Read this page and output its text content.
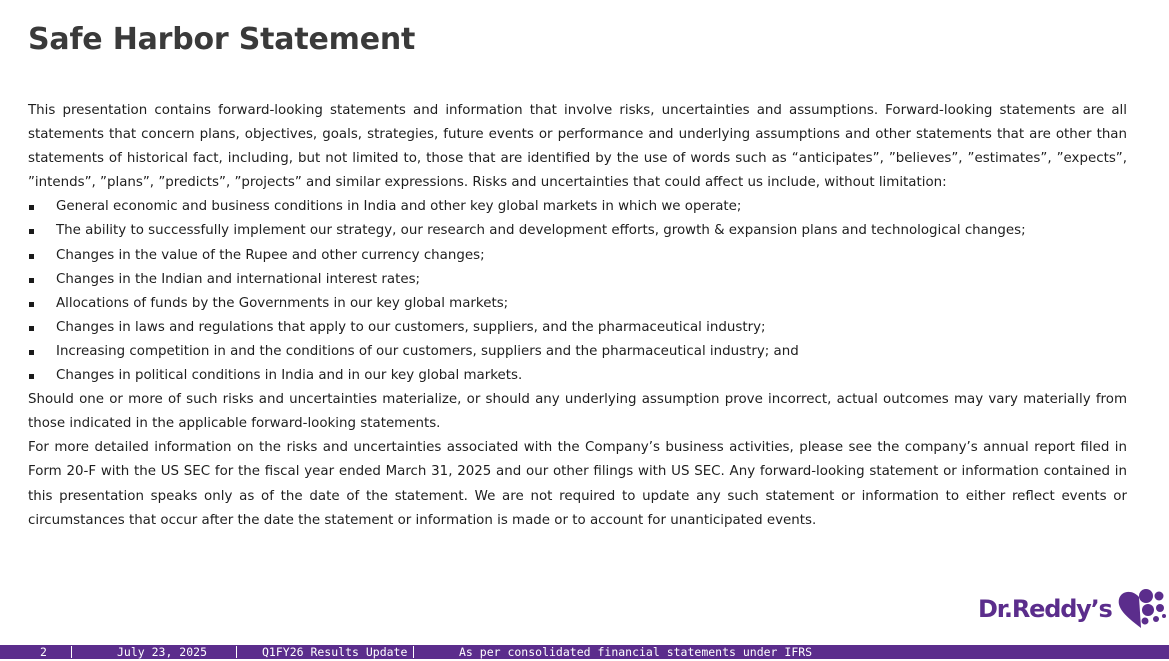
Safe Harbor Statement

This presentation contains forward-looking statements and information that involve risks, uncertainties and assumptions. Forward-looking statements are all statements that concern plans, objectives, goals, strategies, future events or performance and underlying assumptions and other statements that are other than statements of historical fact, including, but not limited to, those that are identified by the use of words such as “anticipates”, ”believes”, ”estimates”, ”expects”, ”intends”, ”plans”, ”predicts”, ”projects” and similar expressions. Risks and uncertainties that could affect us include, without limitation:

General economic and business conditions in India and other key global markets in which we operate;
The ability to successfully implement our strategy, our research and development efforts, growth & expansion plans and technological changes;
Changes in the value of the Rupee and other currency changes;
Changes in the Indian and international interest rates;
Allocations of funds by the Governments in our key global markets;
Changes in laws and regulations that apply to our customers, suppliers, and the pharmaceutical industry;
Increasing competition in and the conditions of our customers, suppliers and the pharmaceutical industry; and
Changes in political conditions in India and in our key global markets.

Should one or more of such risks and uncertainties materialize, or should any underlying assumption prove incorrect, actual outcomes may vary materially from those indicated in the applicable forward-looking statements.

For more detailed information on the risks and uncertainties associated with the Company’s business activities, please see the company’s annual report filed in Form 20-F with the US SEC for the fiscal year ended March 31, 2025 and our other filings with US SEC. Any forward-looking statement or information contained in this presentation speaks only as of the date of the statement. We are not required to update any such statement or information to either reflect events or circumstances that occur after the date the statement or information is made or to account for unanticipated events.

Dr.Reddy’s
2	July 23, 2025	Q1FY26 Results Update	As per consolidated financial statements under IFRS
